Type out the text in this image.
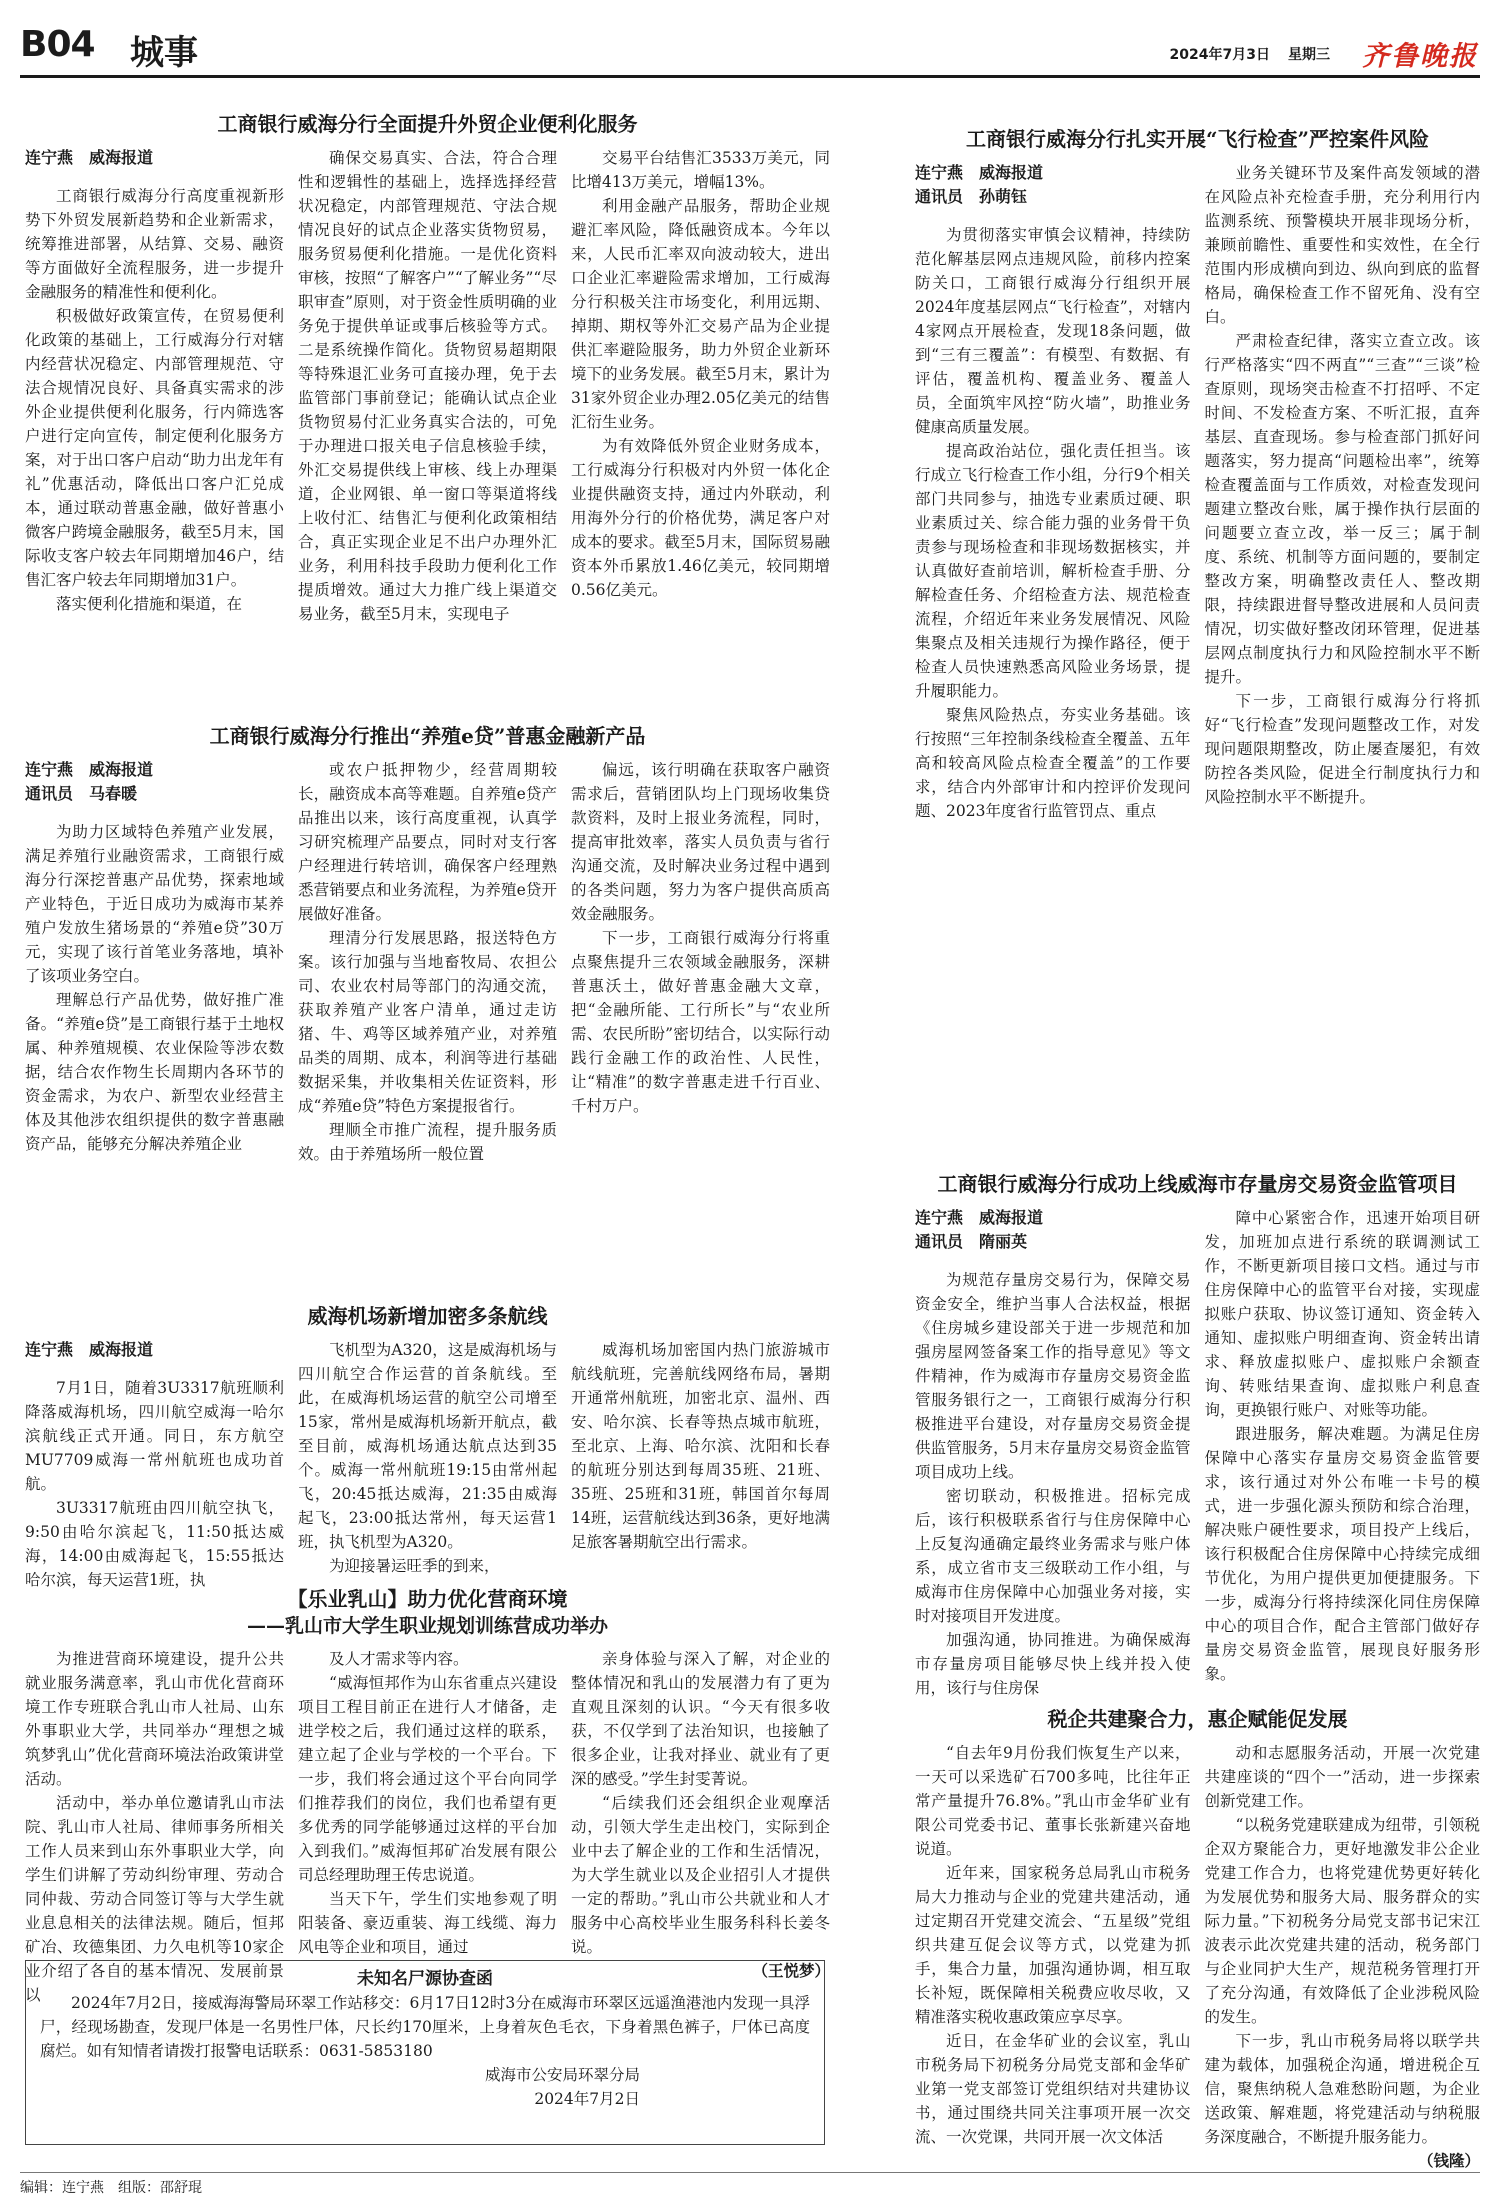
B04 城事	2024年7月3日 星期三 齐鲁晚报
工商银行威海分行全面提升外贸企业便利化服务
连宁燕　威海报道
工商银行威海分行高度重视新形势下外贸发展新趋势和企业新需求，统筹推进部署，从结算、交易、融资等方面做好全流程服务，进一步提升金融服务的精准性和便利化。
积极做好政策宣传，在贸易便利化政策的基础上，工行威海分行对辖内经营状况稳定、内部管理规范、守法合规情况良好、具备真实需求的涉外企业提供便利化服务，行内筛选客户进行定向宣传，制定便利化服务方案，对于出口客户启动“助力出龙年有礼”优惠活动，降低出口客户汇兑成本，通过联动普惠金融，做好普惠小微客户跨境金融服务，截至5月末，国际收支客户较去年同期增加46户，结售汇客户较去年同期增加31户。
落实便利化措施和渠道，在
确保交易真实、合法，符合合理性和逻辑性的基础上，选择选择经营状况稳定，内部管理规范、守法合规情况良好的试点企业落实货物贸易，服务贸易便利化措施。一是优化资料审核，按照“了解客户”“了解业务”“尽职审查”原则，对于资金性质明确的业务免于提供单证或事后核验等方式。二是系统操作简化。货物贸易超期限等特殊退汇业务可直接办理，免于去监管部门事前登记；能确认试点企业货物贸易付汇业务真实合法的，可免于办理进口报关电子信息核验手续，外汇交易提供线上审核、线上办理渠道，企业网银、单一窗口等渠道将线上收付汇、结售汇与便利化政策相结合，真正实现企业足不出户办理外汇业务，利用科技手段助力便利化工作提质增效。通过大力推广线上渠道交易业务，截至5月末，实现电子
交易平台结售汇3533万美元，同比增413万美元，增幅13%。
利用金融产品服务，帮助企业规避汇率风险，降低融资成本。今年以来，人民币汇率双向波动较大，进出口企业汇率避险需求增加，工行威海分行积极关注市场变化，利用远期、掉期、期权等外汇交易产品为企业提供汇率避险服务，助力外贸企业新环境下的业务发展。截至5月末，累计为31家外贸企业办理2.05亿美元的结售汇衍生业务。
为有效降低外贸企业财务成本，工行威海分行积极对内外贸一体化企业提供融资支持，通过内外联动，利用海外分行的价格优势，满足客户对成本的要求。截至5月末，国际贸易融资本外币累放1.46亿美元，较同期增0.56亿美元。
工商银行威海分行推出“养殖e贷”普惠金融新产品
连宁燕　威海报道
通讯员　马春暖
为助力区域特色养殖产业发展，满足养殖行业融资需求，工商银行威海分行深挖普惠产品优势，探索地域产业特色，于近日成功为威海市某养殖户发放生猪场景的“养殖e贷”30万元，实现了该行首笔业务落地，填补了该项业务空白。
理解总行产品优势，做好推广准备。“养殖e贷”是工商银行基于土地权属、种养殖规模、农业保险等涉农数据，结合农作物生长周期内各环节的资金需求，为农户、新型农业经营主体及其他涉农组织提供的数字普惠融资产品，能够充分解决养殖企业
或农户抵押物少，经营周期较长，融资成本高等难题。自养殖e贷产品推出以来，该行高度重视，认真学习研究梳理产品要点，同时对支行客户经理进行转培训，确保客户经理熟悉营销要点和业务流程，为养殖e贷开展做好准备。
理清分行发展思路，报送特色方案。该行加强与当地畜牧局、农担公司、农业农村局等部门的沟通交流，获取养殖产业客户清单，通过走访猪、牛、鸡等区域养殖产业，对养殖品类的周期、成本，利润等进行基础数据采集，并收集相关佐证资料，形成“养殖e贷”特色方案提报省行。
理顺全市推广流程，提升服务质效。由于养殖场所一般位置
偏远，该行明确在获取客户融资需求后，营销团队均上门现场收集贷款资料，及时上报业务流程，同时，提高审批效率，落实人员负责与省行沟通交流，及时解决业务过程中遇到的各类问题，努力为客户提供高质高效金融服务。
下一步，工商银行威海分行将重点聚焦提升三农领域金融服务，深耕普惠沃土，做好普惠金融大文章，把“金融所能、工行所长”与“农业所需、农民所盼”密切结合，以实际行动践行金融工作的政治性、人民性，让“精准”的数字普惠走进千行百业、千村万户。
威海机场新增加密多条航线
连宁燕　威海报道
7月1日，随着3U3317航班顺利降落威海机场，四川航空威海一哈尔滨航线正式开通。同日，东方航空MU7709威海一常州航班也成功首航。
3U3317航班由四川航空执飞，9:50由哈尔滨起飞，11:50抵达威海，14:00由威海起飞，15:55抵达哈尔滨，每天运营1班，执
飞机型为A320，这是威海机场与四川航空合作运营的首条航线。至此，在威海机场运营的航空公司增至15家，常州是威海机场新开航点，截至目前，威海机场通达航点达到35个。威海一常州航班19:15由常州起飞，20:45抵达威海，21:35由威海起飞，23:00抵达常州，每天运营1班，执飞机型为A320。
为迎接暑运旺季的到来，
威海机场加密国内热门旅游城市航线航班，完善航线网络布局，暑期开通常州航班，加密北京、温州、西安、哈尔滨、长春等热点城市航班，至北京、上海、哈尔滨、沈阳和长春的航班分别达到每周35班、21班、35班、25班和31班，韩国首尔每周14班，运营航线达到36条，更好地满足旅客暑期航空出行需求。
【乐业乳山】助力优化营商环境
——乳山市大学生职业规划训练营成功举办
为推进营商环境建设，提升公共就业服务满意率，乳山市优化营商环境工作专班联合乳山市人社局、山东外事职业大学，共同举办“理想之城　筑梦乳山”优化营商环境法治政策讲堂活动。
活动中，举办单位邀请乳山市法院、乳山市人社局、律师事务所相关工作人员来到山东外事职业大学，向学生们讲解了劳动纠纷审理、劳动合同仲裁、劳动合同签订等与大学生就业息息相关的法律法规。随后，恒邦矿冶、玫德集团、力久电机等10家企业介绍了各自的基本情况、发展前景以
及人才需求等内容。
“威海恒邦作为山东省重点兴建设项目工程目前正在进行人才储备，走进学校之后，我们通过这样的联系，建立起了企业与学校的一个平台。下一步，我们将会通过这个平台向同学们推荐我们的岗位，我们也希望有更多优秀的同学能够通过这样的平台加入到我们。”威海恒邦矿冶发展有限公司总经理助理王传忠说道。
当天下午，学生们实地参观了明阳装备、豪迈重装、海工线缆、海力风电等企业和项目，通过
亲身体验与深入了解，对企业的整体情况和乳山的发展潜力有了更为直观且深刻的认识。“今天有很多收获，不仅学到了法治知识，也接触了很多企业，让我对择业、就业有了更深的感受。”学生封雯菁说。
“后续我们还会组织企业观摩活动，引领大学生走出校门，实际到企业中去了解企业的工作和生活情况，为大学生就业以及企业招引人才提供一定的帮助。”乳山市公共就业和人才服务中心高校毕业生服务科科长姜冬说。
（王悦梦）
工商银行威海分行扎实开展“飞行检查”严控案件风险
连宁燕　威海报道
通讯员　孙萌钰
为贯彻落实审慎会议精神，持续防范化解基层网点违规风险，前移内控案防关口，工商银行威海分行组织开展2024年度基层网点“飞行检查”，对辖内4家网点开展检查，发现18条问题，做到“三有三覆盖”：有模型、有数据、有评估，覆盖机构、覆盖业务、覆盖人员，全面筑牢风控“防火墙”，助推业务健康高质量发展。
提高政治站位，强化责任担当。该行成立飞行检查工作小组，分行9个相关部门共同参与，抽选专业素质过硬、职业素质过关、综合能力强的业务骨干负责参与现场检查和非现场数据核实，并认真做好查前培训，解析检查手册、分解检查任务、介绍检查方法、规范检查流程，介绍近年来业务发展情况、风险集聚点及相关违规行为操作路径，便于检查人员快速熟悉高风险业务场景，提升履职能力。
聚焦风险热点，夯实业务基础。该行按照“三年控制条线检查全覆盖、五年高和较高风险点检查全覆盖”的工作要求，结合内外部审计和内控评价发现问题、2023年度省行监管罚点、重点
业务关键环节及案件高发领域的潜在风险点补充检查手册，充分利用行内监测系统、预警模块开展非现场分析，兼顾前瞻性、重要性和实效性，在全行范围内形成横向到边、纵向到底的监督格局，确保检查工作不留死角、没有空白。
严肃检查纪律，落实立查立改。该行严格落实“四不两直”“三查”“三谈”检查原则，现场突击检查不打招呼、不定时间、不发检查方案、不听汇报，直奔基层、直查现场。参与检查部门抓好问题落实，努力提高“问题检出率”，统筹检查覆盖面与工作质效，对检查发现问题建立整改台账，属于操作执行层面的问题要立查立改，举一反三；属于制度、系统、机制等方面问题的，要制定整改方案，明确整改责任人、整改期限，持续跟进督导整改进展和人员问责情况，切实做好整改闭环管理，促进基层网点制度执行力和风险控制水平不断提升。
下一步，工商银行威海分行将抓好“飞行检查”发现问题整改工作，对发现问题限期整改，防止屡查屡犯，有效防控各类风险，促进全行制度执行力和风险控制水平不断提升。
工商银行威海分行成功上线威海市存量房交易资金监管项目
连宁燕　威海报道
通讯员　隋丽英
为规范存量房交易行为，保障交易资金安全，维护当事人合法权益，根据《住房城乡建设部关于进一步规范和加强房屋网签备案工作的指导意见》等文件精神，作为威海市存量房交易资金监管服务银行之一，工商银行威海分行积极推进平台建设，对存量房交易资金提供监管服务，5月末存量房交易资金监管项目成功上线。
密切联动，积极推进。招标完成后，该行积极联系省行与住房保障中心上反复沟通确定最终业务需求与账户体系，成立省市支三级联动工作小组，与威海市住房保障中心加强业务对接，实时对接项目开发进度。
加强沟通，协同推进。为确保威海市存量房项目能够尽快上线并投入使用，该行与住房保
障中心紧密合作，迅速开始项目研发，加班加点进行系统的联调测试工作，不断更新项目接口文档。通过与市住房保障中心的监管平台对接，实现虚拟账户获取、协议签订通知、资金转入通知、虚拟账户明细查询、资金转出请求、释放虚拟账户、虚拟账户余额查询、转账结果查询、虚拟账户利息查询，更换银行账户、对账等功能。
跟进服务，解决难题。为满足住房保障中心落实存量房交易资金监管要求，该行通过对外公布唯一卡号的模式，进一步强化源头预防和综合治理，解决账户硬性要求，项目投产上线后，该行积极配合住房保障中心持续完成细节优化，为用户提供更加便捷服务。下一步，威海分行将持续深化同住房保障中心的项目合作，配合主管部门做好存量房交易资金监管，展现良好服务形象。
税企共建聚合力，惠企赋能促发展
“自去年9月份我们恢复生产以来，一天可以采选矿石700多吨，比往年正常产量提升76.8%。”乳山市金华矿业有限公司党委书记、董事长张新建兴奋地说道。
近年来，国家税务总局乳山市税务局大力推动与企业的党建共建活动，通过定期召开党建交流会、“五星级”党组织共建互促会议等方式，以党建为抓手，集合力量，加强沟通协调，相互取长补短，既保障相关税费应收尽收，又精准落实税收惠政策应享尽享。
近日，在金华矿业的会议室，乳山市税务局下初税务分局党支部和金华矿业第一党支部签订党组织结对共建协议书，通过围绕共同关注事项开展一次交流、一次党课，共同开展一次文体活
动和志愿服务活动，开展一次党建共建座谈的“四个一”活动，进一步探索创新党建工作。
“以税务党建联建成为纽带，引领税企双方聚能合力，更好地激发非公企业党建工作合力，也将党建优势更好转化为发展优势和服务大局、服务群众的实际力量。”下初税务分局党支部书记宋江波表示此次党建共建的活动，税务部门与企业同护大生产，规范税务管理打开了充分沟通，有效降低了企业涉税风险的发生。
下一步，乳山市税务局将以联学共建为载体，加强税企沟通，增进税企互信，聚焦纳税人急难愁盼问题，为企业送政策、解难题，将党建活动与纳税服务深度融合，不断提升服务能力。
（钱隆）
未知名尸源协查函
2024年7月2日，接威海海警局环翠工作站移交：6月17日12时3分在威海市环翠区远遥渔港池内发现一具浮尸，经现场勘查，发现尸体是一名男性尸体，尺长约170厘米，上身着灰色毛衣，下身着黑色裤子，尸体已高度腐烂。如有知情者请拨打报警电话联系：0631-5853180
威海市公安局环翠分局
2024年7月2日
编辑：连宁燕　组版：邵舒琨
